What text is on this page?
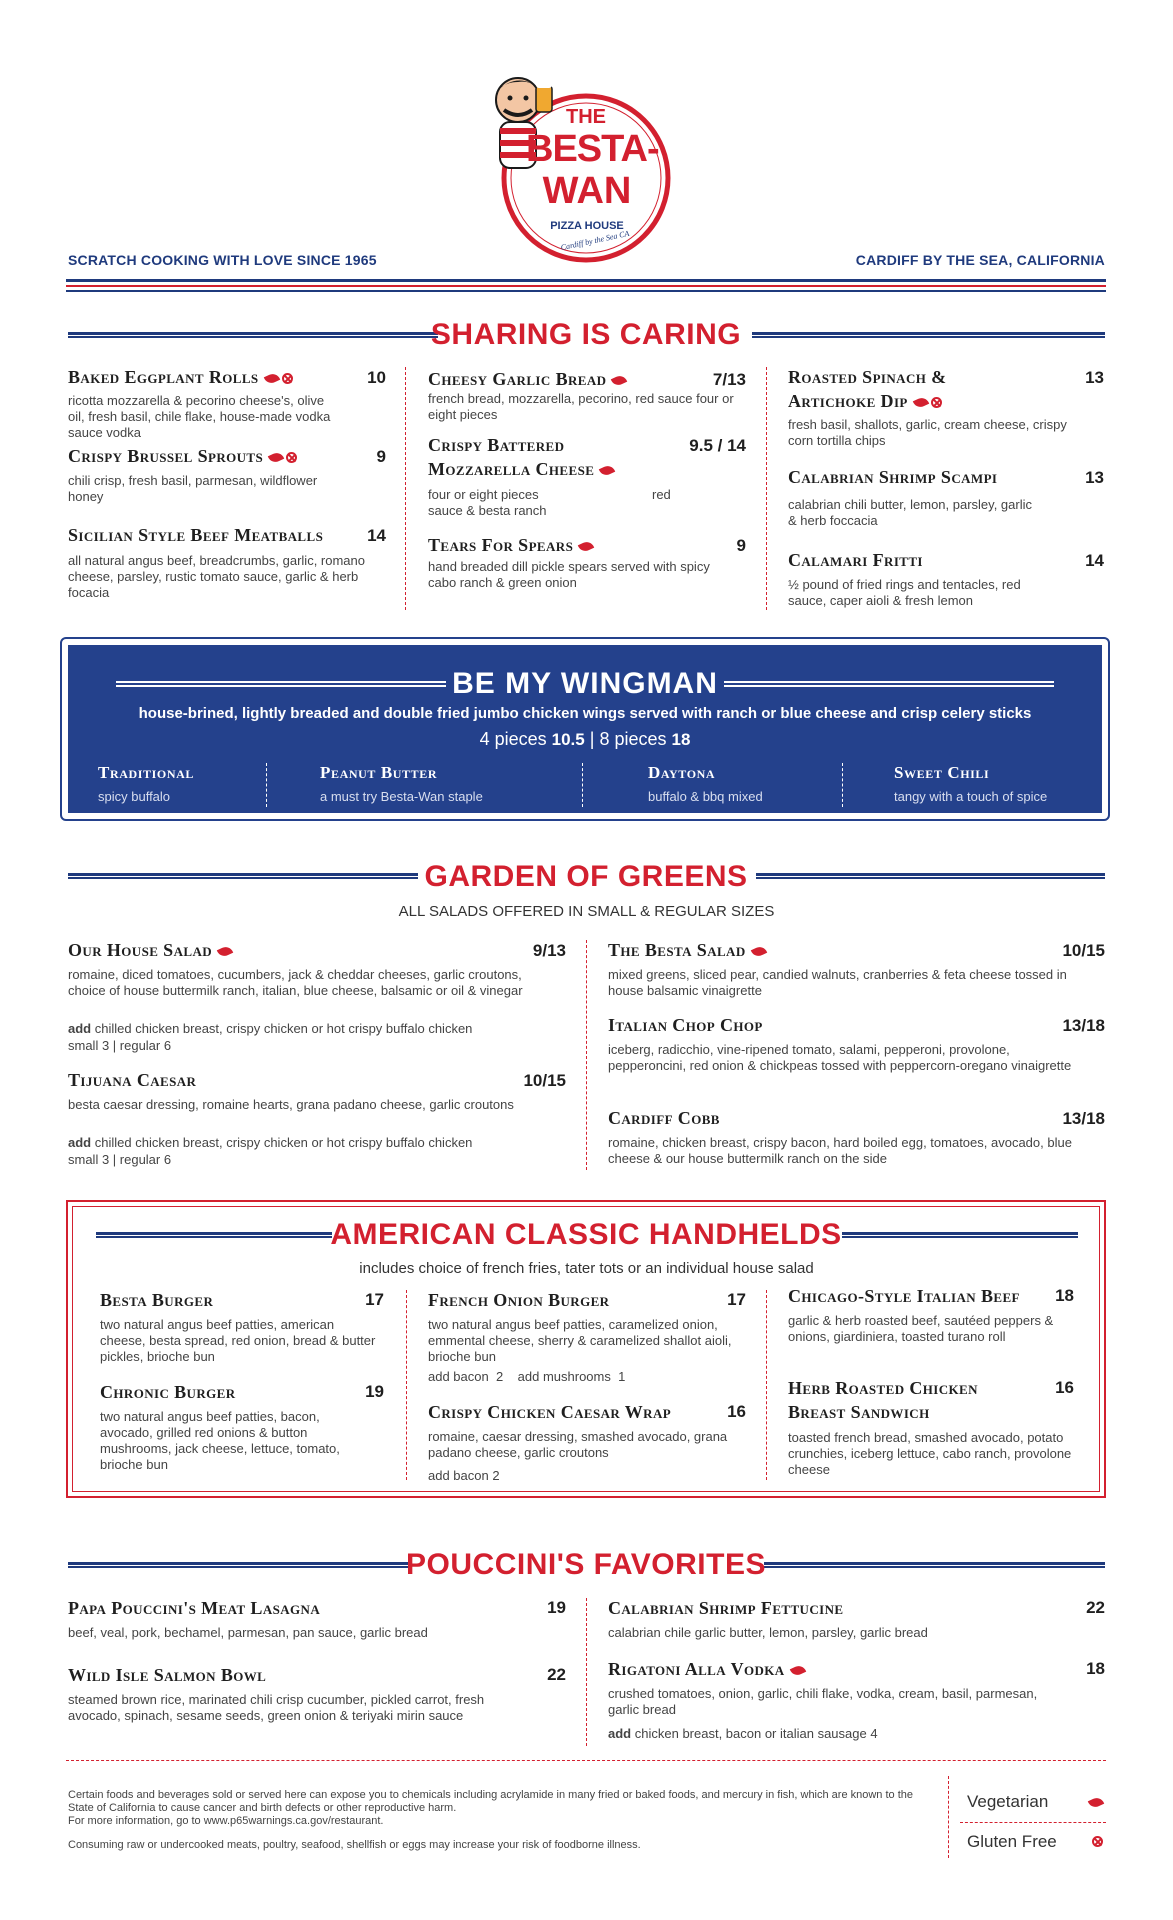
THE
BESTA-
WAN
PIZZA HOUSE
Cardiff by the Sea CA
SCRATCH COOKING WITH LOVE SINCE 1965	CARDIFF BY THE SEA, CALIFORNIA
SHARING IS CARING
Baked Eggplant Rolls	10
ricotta mozzarella & pecorino cheese's, olive oil, fresh basil, chile flake, house-made vodka sauce vodka
Crispy Brussel Sprouts	9
chili crisp, fresh basil, parmesan, wildflower honey
Sicilian Style Beef Meatballs	14
all natural angus beef, breadcrumbs, garlic, romano cheese, parsley, rustic tomato sauce, garlic & herb focacia
Cheesy Garlic Bread	7/13
french bread, mozzarella, pecorino, red sauce four or eight pieces
Crispy Battered	9.5 / 14
Mozzarella Cheese
four or eight pieces	red
sauce & besta ranch
Tears For Spears	9
hand breaded dill pickle spears served with spicy cabo ranch & green onion
Roasted Spinach &	13
Artichoke Dip
fresh basil, shallots, garlic, cream cheese, crispy corn tortilla chips
Calabrian Shrimp Scampi	13
calabrian chili butter, lemon, parsley, garlic & herb foccacia
Calamari Fritti	14
½ pound of fried rings and tentacles, red sauce, caper aioli & fresh lemon
BE MY WINGMAN
house-brined, lightly breaded and double fried jumbo chicken wings served with ranch or blue cheese and crisp celery sticks
4 pieces 10.5 | 8 pieces 18
Traditional
spicy buffalo
Peanut Butter
a must try Besta-Wan staple
Daytona
buffalo & bbq mixed
Sweet Chili
tangy with a touch of spice
GARDEN OF GREENS
ALL SALADS OFFERED IN SMALL & REGULAR SIZES
Our House Salad	9/13
romaine, diced tomatoes, cucumbers, jack & cheddar cheeses, garlic croutons, choice of house buttermilk ranch, italian, blue cheese, balsamic or oil & vinegar
add chilled chicken breast, crispy chicken or hot crispy buffalo chicken
small 3 | regular 6
Tijuana Caesar	10/15
besta caesar dressing, romaine hearts, grana padano cheese, garlic croutons
add chilled chicken breast, crispy chicken or hot crispy buffalo chicken
small 3 | regular 6
The Besta Salad	10/15
mixed greens, sliced pear, candied walnuts, cranberries & feta cheese tossed in house balsamic vinaigrette
Italian Chop Chop	13/18
iceberg, radicchio, vine-ripened tomato, salami, pepperoni, provolone, pepperoncini, red onion & chickpeas tossed with peppercorn-oregano vinaigrette
Cardiff Cobb	13/18
romaine, chicken breast, crispy bacon, hard boiled egg, tomatoes, avocado, blue cheese & our house buttermilk ranch on the side
AMERICAN CLASSIC HANDHELDS
includes choice of french fries, tater tots or an individual house salad
Besta Burger	17
two natural angus beef patties, american cheese, besta spread, red onion, bread & butter pickles, brioche bun
Chronic Burger	19
two natural angus beef patties, bacon, avocado, grilled red onions & button mushrooms, jack cheese, lettuce, tomato, brioche bun
French Onion Burger	17
two natural angus beef patties, caramelized onion, emmental cheese, sherry & caramelized shallot aioli, brioche bun
add bacon 2 add mushrooms 1
Crispy Chicken Caesar Wrap	16
romaine, caesar dressing, smashed avocado, grana padano cheese, garlic croutons
add bacon 2
Chicago-Style Italian Beef 18
garlic & herb roasted beef, sautéed peppers & onions, giardiniera, toasted turano roll
Herb Roasted Chicken	16
Breast Sandwich
toasted french bread, smashed avocado, potato crunchies, iceberg lettuce, cabo ranch, provolone cheese
POUCCINI'S FAVORITES
Papa Pouccini's Meat Lasagna	19
beef, veal, pork, bechamel, parmesan, pan sauce, garlic bread
Wild Isle Salmon Bowl	22
steamed brown rice, marinated chili crisp cucumber, pickled carrot, fresh avocado, spinach, sesame seeds, green onion & teriyaki mirin sauce
Calabrian Shrimp Fettucine	22
calabrian chile garlic butter, lemon, parsley, garlic bread
Rigatoni Alla Vodka	18
crushed tomatoes, onion, garlic, chili flake, vodka, cream, basil, parmesan, garlic bread
add chicken breast, bacon or italian sausage 4
Certain foods and beverages sold or served here can expose you to chemicals including acrylamide in many fried or baked foods, and mercury in fish, which are known to the State of California to cause cancer and birth defects or other reproductive harm.
For more information, go to www.p65warnings.ca.gov/restaurant.
Consuming raw or undercooked meats, poultry, seafood, shellfish or eggs may increase your risk of foodborne illness.
Vegetarian
Gluten Free
